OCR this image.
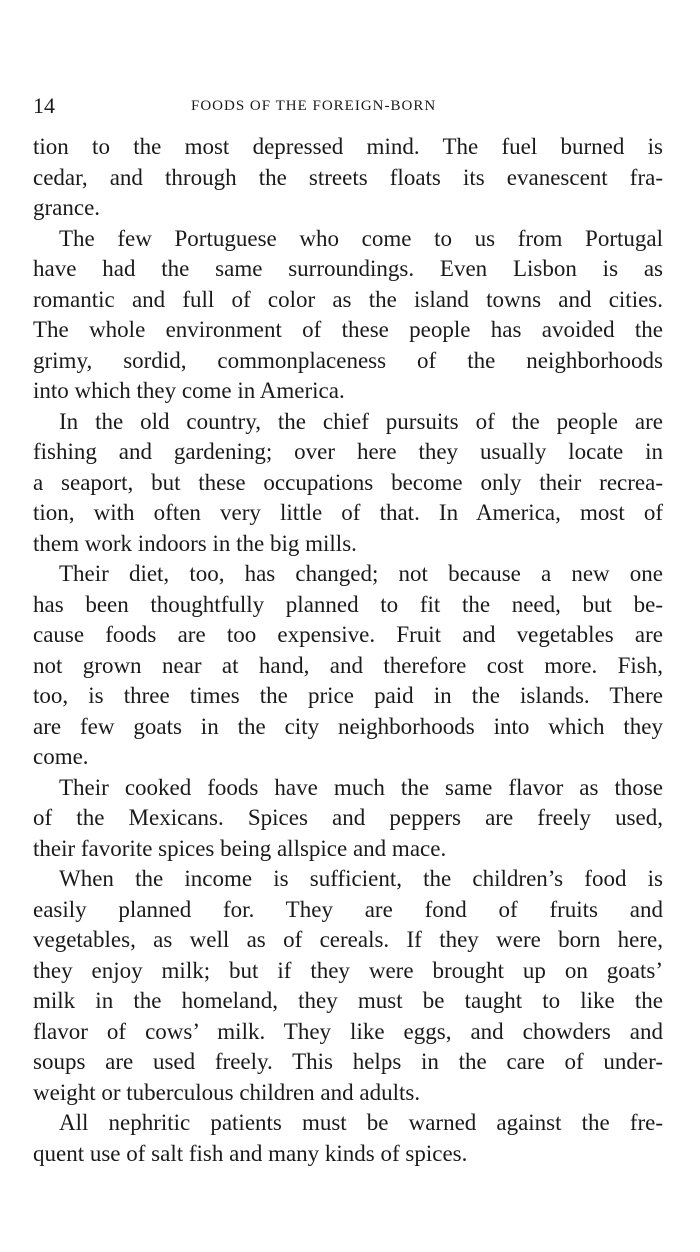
14	FOODS OF THE FOREIGN-BORN
tion to the most depressed mind. The fuel burned is
cedar, and through the streets floats its evanescent fra-
grance.
The few Portuguese who come to us from Portugal
have had the same surroundings. Even Lisbon is as
romantic and full of color as the island towns and cities.
The whole environment of these people has avoided the
grimy, sordid, commonplaceness of the neighborhoods
into which they come in America.
In the old country, the chief pursuits of the people are
fishing and gardening; over here they usually locate in
a seaport, but these occupations become only their recrea-
tion, with often very little of that. In America, most of
them work indoors in the big mills.
Their diet, too, has changed; not because a new one
has been thoughtfully planned to fit the need, but be-
cause foods are too expensive. Fruit and vegetables are
not grown near at hand, and therefore cost more. Fish,
too, is three times the price paid in the islands. There
are few goats in the city neighborhoods into which they
come.
Their cooked foods have much the same flavor as those
of the Mexicans. Spices and peppers are freely used,
their favorite spices being allspice and mace.
When the income is sufficient, the children’s food is
easily planned for. They are fond of fruits and
vegetables, as well as of cereals. If they were born here,
they enjoy milk; but if they were brought up on goats’
milk in the homeland, they must be taught to like the
flavor of cows’ milk. They like eggs, and chowders and
soups are used freely. This helps in the care of under-
weight or tuberculous children and adults.
All nephritic patients must be warned against the fre-
quent use of salt fish and many kinds of spices.
